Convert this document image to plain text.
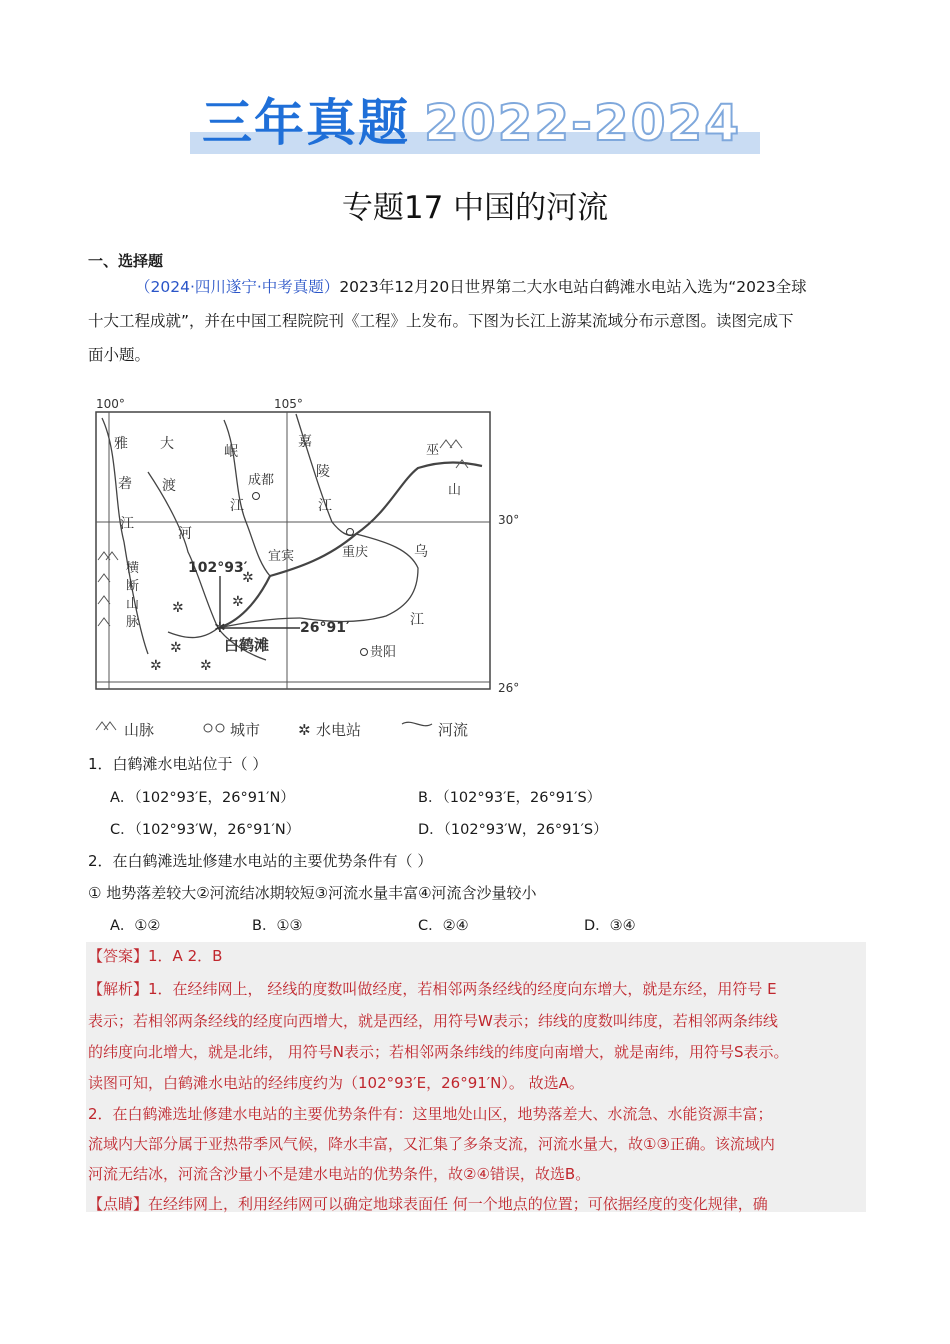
三年真题 2022-2024
专题17 中国的河流
一、选择题
（2024·四川遂宁·中考真题）2023年12月20日世界第二大水电站白鹤滩水电站入选为“2023全球
十大工程成就”，并在中国工程院院刊《工程》上发布。下图为长江上游某流域分布示意图。读图完成下
面小题。
100°	105°
30°
26°
雅
砻
江
大
渡
河
岷
江
嘉
陵
江
乌
江
成都
宜宾	重庆
贵阳
白鹤滩
102°93′
26°91′
✲
✲
✲
✲
✲
✲	✲
横
断
山
脉
巫
山
山脉	城市	✲ 水电站	河流
1．白鹤滩水电站位于（ ）
A．（102°93′E，26°91′N）	B．（102°93′E，26°91′S）
C．（102°93′W，26°91′N）	D．（102°93′W，26°91′S）
2．在白鹤滩选址修建水电站的主要优势条件有（ ）
① 地势落差较大②河流结冰期较短③河流水量丰富④河流含沙量较小
A．①②	B．①③	C．②④	D．③④
【答案】1．A 2．B
【解析】1．在经纬网上， 经线的度数叫做经度，若相邻两条经线的经度向东增大，就是东经，用符号 E
表示；若相邻两条经线的经度向西增大，就是西经，用符号W表示；纬线的度数叫纬度，若相邻两条纬线
的纬度向北增大，就是北纬， 用符号N表示；若相邻两条纬线的纬度向南增大，就是南纬，用符号S表示。
读图可知，白鹤滩水电站的经纬度约为（102°93′E，26°91′N）。 故选A。
2．在白鹤滩选址修建水电站的主要优势条件有：这里地处山区，地势落差大、水流急、水能资源丰富；
流域内大部分属于亚热带季风气候，降水丰富，又汇集了多条支流，河流水量大，故①③正确。该流域内
河流无结冰，河流含沙量小不是建水电站的优势条件，故②④错误，故选B。
【点睛】在经纬网上，利用经纬网可以确定地球表面任 何一个地点的位置；可依据经度的变化规律，确
